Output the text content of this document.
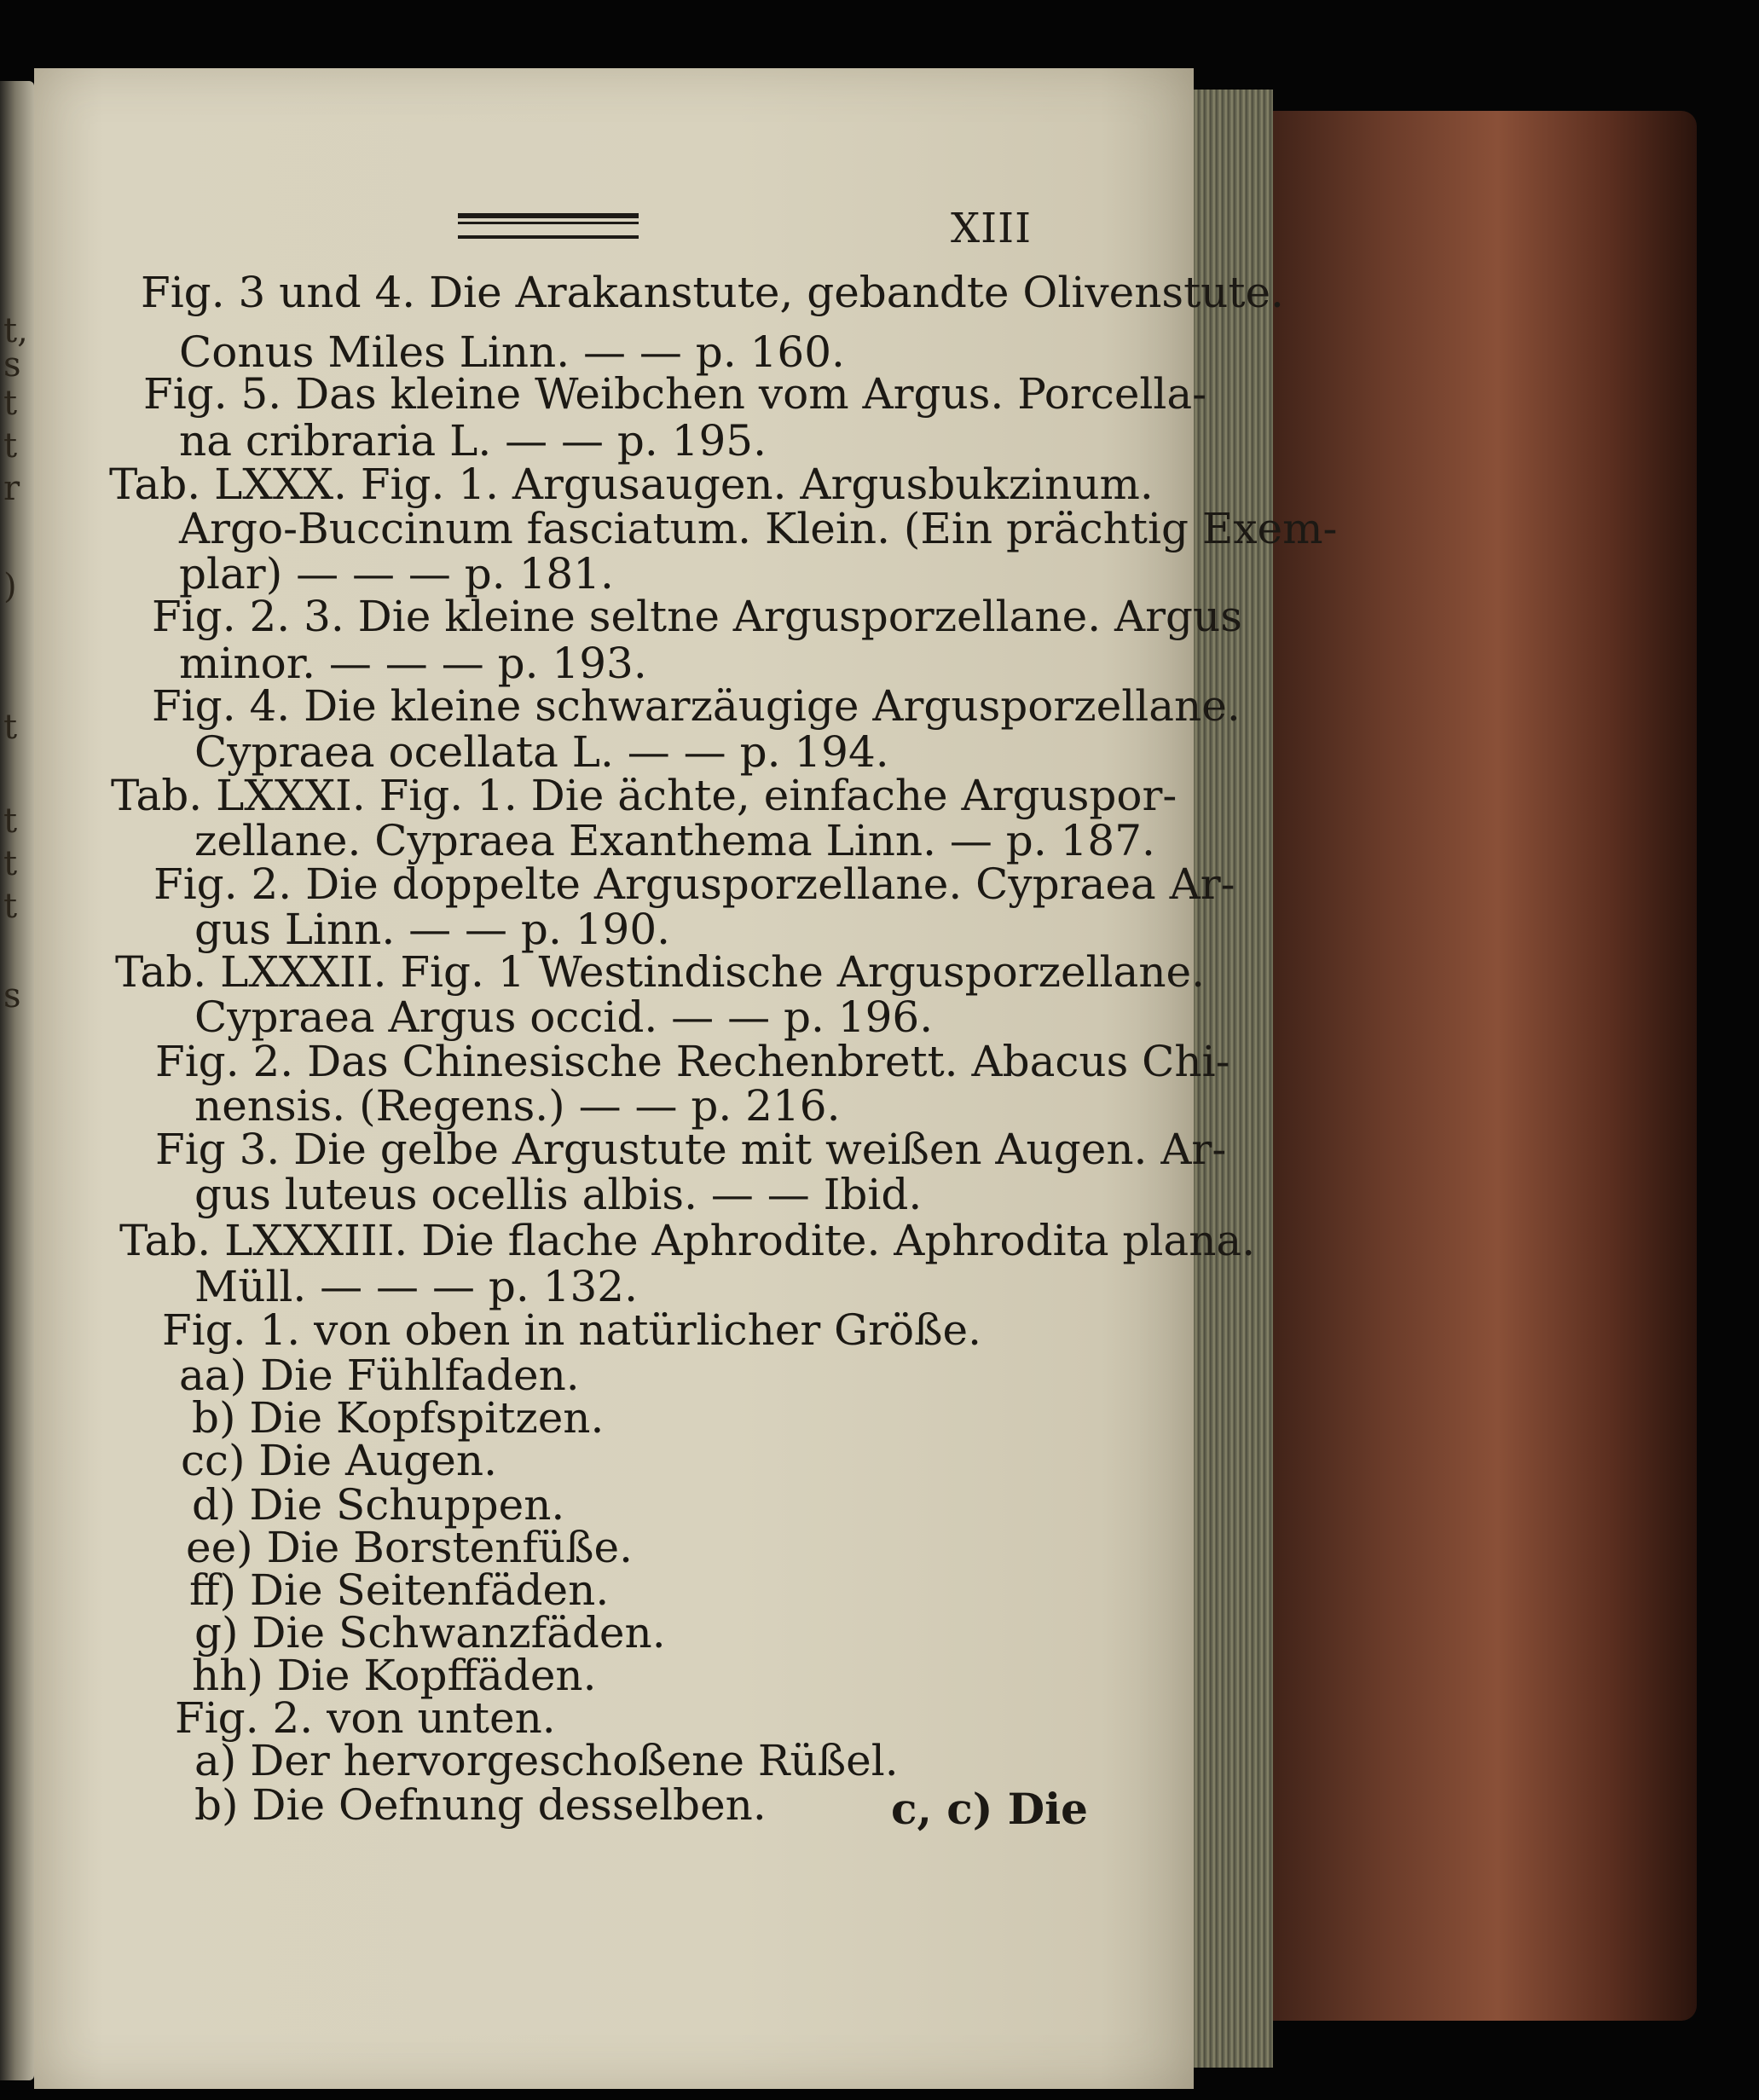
t,
s
t
t
r
)
t
t
t
t
s
XIII
Fig. 3 und 4. Die Arakanstute, gebandte Olivenstute.
Conus Miles Linn. — — p. 160.
Fig. 5. Das kleine Weibchen vom Argus. Porcella-
na cribraria L. — — p. 195.
Tab. LXXX. Fig. 1. Argusaugen. Argusbukzinum.
Argo-Buccinum fasciatum. Klein. (Ein prächtig Exem-
plar) — — — p. 181.
Fig. 2. 3. Die kleine seltne Argusporzellane. Argus
minor. — — — p. 193.
Fig. 4. Die kleine schwarzäugige Argusporzellane.
Cypraea ocellata L. — — p. 194.
Tab. LXXXI. Fig. 1. Die ächte, einfache Arguspor-
zellane. Cypraea Exanthema Linn. — p. 187.
Fig. 2. Die doppelte Argusporzellane. Cypraea Ar-
gus Linn. — — p. 190.
Tab. LXXXII. Fig. 1 Westindische Argusporzellane.
Cypraea Argus occid. — — p. 196.
Fig. 2. Das Chinesische Rechenbrett. Abacus Chi-
nensis. (Regens.) — — p. 216.
Fig 3. Die gelbe Argustute mit weißen Augen. Ar-
gus luteus ocellis albis. — — Ibid.
Tab. LXXXIII. Die flache Aphrodite. Aphrodita plana.
Müll. — — — p. 132.
Fig. 1. von oben in natürlicher Größe.
aa) Die Fühlfaden.
b) Die Kopfspitzen.
cc) Die Augen.
d) Die Schuppen.
ee) Die Borstenfüße.
ff) Die Seitenfäden.
g) Die Schwanzfäden.
hh) Die Kopffäden.
Fig. 2. von unten.
a) Der hervorgeschoßene Rüßel.
b) Die Oefnung desselben.	c, c) Die
